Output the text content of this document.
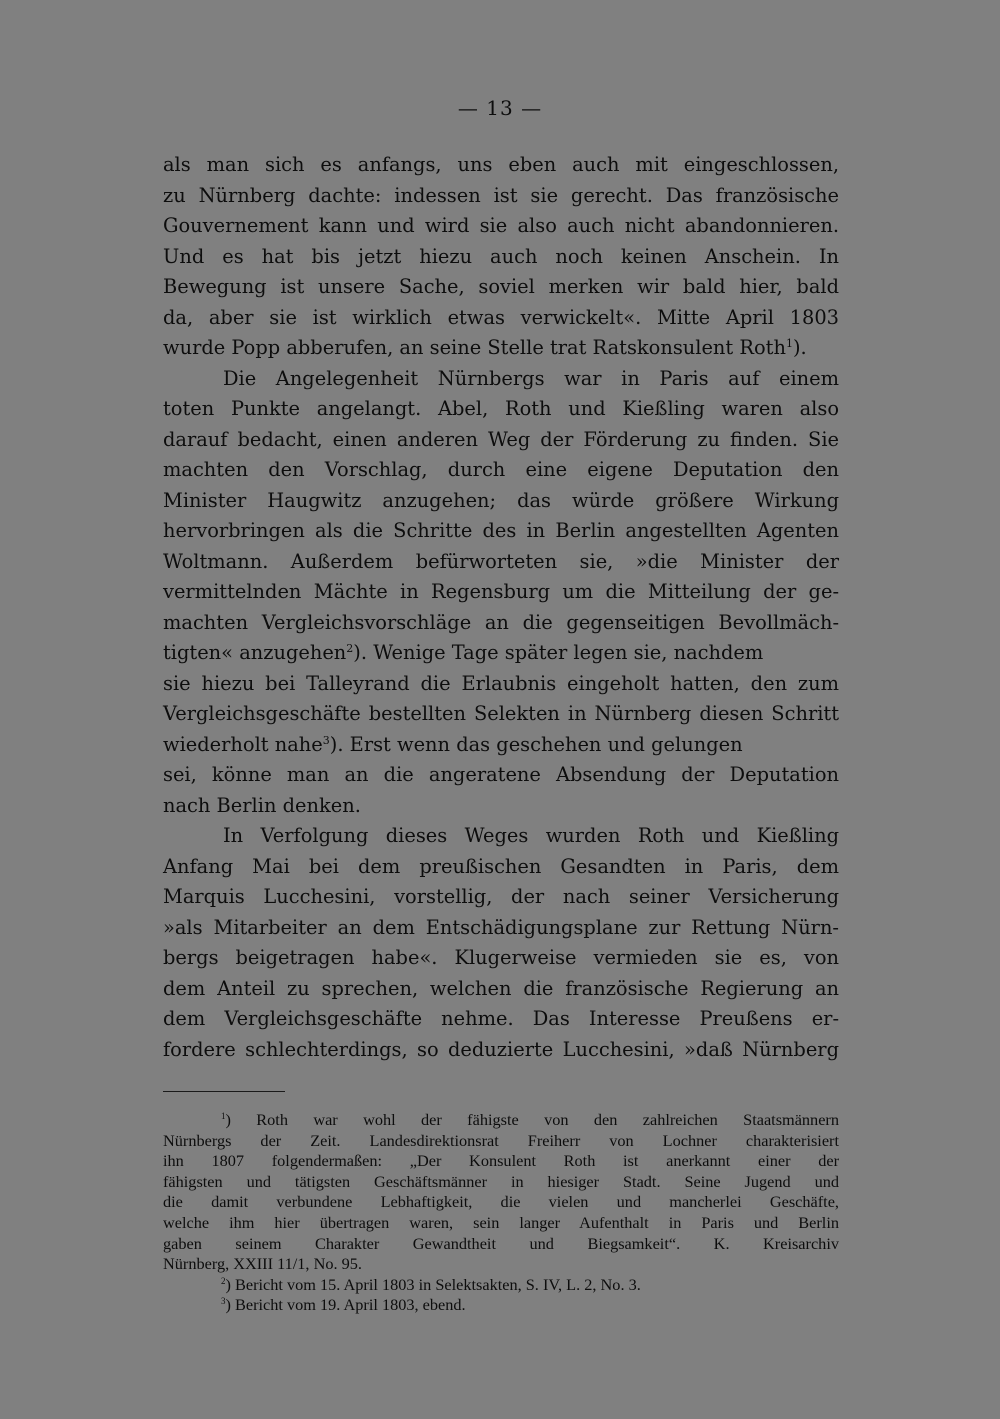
— 13 —
als man sich es anfangs, uns eben auch mit eingeschlossen,
zu Nürnberg dachte: indessen ist sie gerecht. Das französische
Gouvernement kann und wird sie also auch nicht abandonnieren.
Und es hat bis jetzt hiezu auch noch keinen Anschein. In
Bewegung ist unsere Sache, soviel merken wir bald hier, bald
da, aber sie ist wirklich etwas verwickelt«. Mitte April 1803
wurde Popp abberufen, an seine Stelle trat Ratskonsulent Roth$^1$).
Die Angelegenheit Nürnbergs war in Paris auf einem
toten Punkte angelangt. Abel, Roth und Kießling waren also
darauf bedacht, einen anderen Weg der Förderung zu finden. Sie
machten den Vorschlag, durch eine eigene Deputation den
Minister Haugwitz anzugehen; das würde größere Wirkung
hervorbringen als die Schritte des in Berlin angestellten Agenten
Woltmann. Außerdem befürworteten sie, »die Minister der
vermittelnden Mächte in Regensburg um die Mitteilung der ge-
machten Vergleichsvorschläge an die gegenseitigen Bevollmäch-
tigten« anzugehen$^2$). Wenige Tage später legen sie, nachdem
sie hiezu bei Talleyrand die Erlaubnis eingeholt hatten, den zum
Vergleichsgeschäfte bestellten Selekten in Nürnberg diesen Schritt
wiederholt nahe$^3$). Erst wenn das geschehen und gelungen
sei, könne man an die angeratene Absendung der Deputation
nach Berlin denken.
In Verfolgung dieses Weges wurden Roth und Kießling
Anfang Mai bei dem preußischen Gesandten in Paris, dem
Marquis Lucchesini, vorstellig, der nach seiner Versicherung
»als Mitarbeiter an dem Entschädigungsplane zur Rettung Nürn-
bergs beigetragen habe«. Klugerweise vermieden sie es, von
dem Anteil zu sprechen, welchen die französische Regierung an
dem Vergleichsgeschäfte nehme. Das Interesse Preußens er-
fordere schlechterdings, so deduzierte Lucchesini, »daß Nürnberg
$^1$) Roth war wohl der fähigste von den zahlreichen Staatsmännern
Nürnbergs der Zeit. Landesdirektionsrat Freiherr von Lochner charakterisiert
ihn 1807 folgendermaßen: „Der Konsulent Roth ist anerkannt einer der
fähigsten und tätigsten Geschäftsmänner in hiesiger Stadt. Seine Jugend und
die damit verbundene Lebhaftigkeit, die vielen und mancherlei Geschäfte,
welche ihm hier übertragen waren, sein langer Aufenthalt in Paris und Berlin
gaben seinem Charakter Gewandtheit und Biegsamkeit“. K. Kreisarchiv
Nürnberg, XXIII 11/1, No. 95.
$^2$) Bericht vom 15. April 1803 in Selektsakten, S. IV, L. 2, No. 3.
$^3$) Bericht vom 19. April 1803, ebend.
